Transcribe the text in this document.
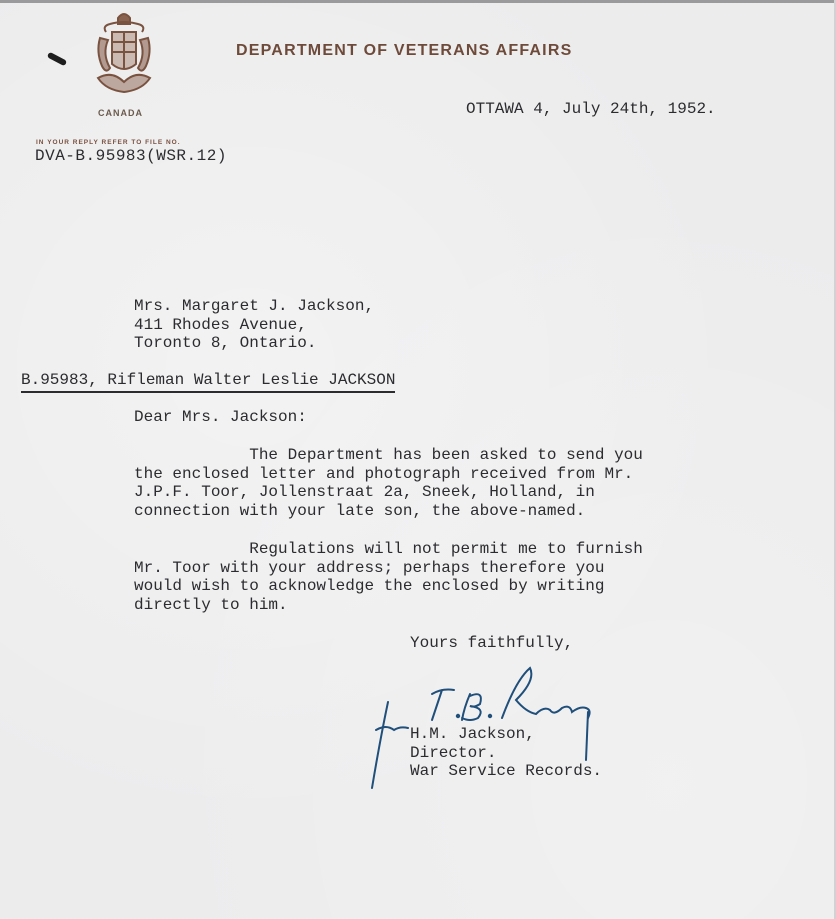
CANADA
DEPARTMENT OF VETERANS AFFAIRS
IN YOUR REPLY REFER TO FILE NO.
DVA-B.95983(WSR.12)
OTTAWA 4, July 24th, 1952.
Mrs. Margaret J. Jackson,
411 Rhodes Avenue,
Toronto 8, Ontario.
B.95983, Rifleman Walter Leslie JACKSON
Dear Mrs. Jackson:
The Department has been asked to send you
the enclosed letter and photograph received from Mr.
J.P.F. Toor, Jollenstraat 2a, Sneek, Holland, in
connection with your late son, the above-named.
Regulations will not permit me to furnish
Mr. Toor with your address; perhaps therefore you
would wish to acknowledge the enclosed by writing
directly to him.
Yours faithfully,
H.M. Jackson,
Director.
War Service Records.
